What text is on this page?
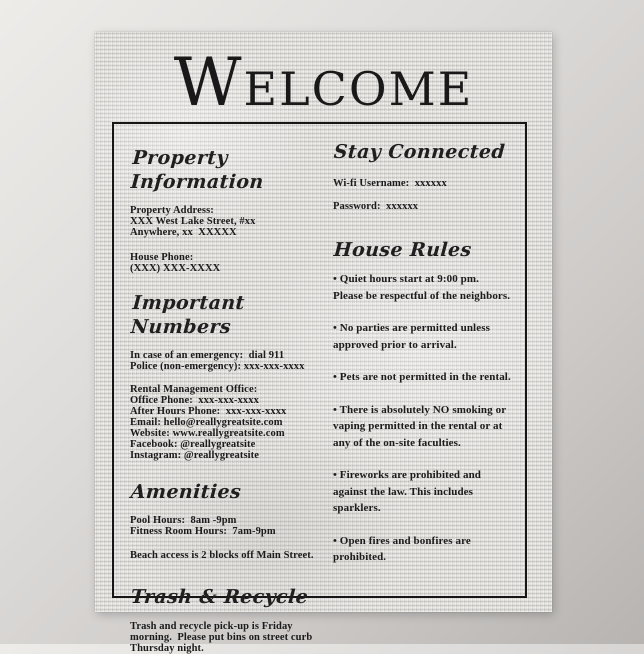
Welcome
Property Information
Property Address:
XXX West Lake Street, #xx
Anywhere, xx  XXXXX
House Phone:
(XXX) XXX-XXXX
Important Numbers
In case of an emergency:  dial 911
Police (non-emergency): xxx-xxx-xxxx
Rental Management Office:
Office Phone:  xxx-xxx-xxxx
After Hours Phone:  xxx-xxx-xxxx
Email: hello@reallygreatsite.com
Website: www.reallygreatsite.com
Facebook: @reallygreatsite
Instagram: @reallygreatsite
Amenities
Pool Hours:  8am -9pm
Fitness Room Hours:  7am-9pm
Beach access is 2 blocks off Main Street.
Trash & Recycle
Trash and recycle pick-up is Friday morning.  Please put bins on street curb Thursday night.
Stay Connected
Wi-fi Username:  xxxxxx
Password:  xxxxxx
House Rules
• Quiet hours start at 9:00 pm.  Please be respectful of the neighbors.
• No parties are permitted unless approved prior to arrival.
• Pets are not permitted in the rental.
• There is absolutely NO smoking or vaping permitted in the rental or at any of the on-site faculties.
• Fireworks are prohibited and against the law. This includes sparklers.
• Open fires and bonfires are prohibited.
